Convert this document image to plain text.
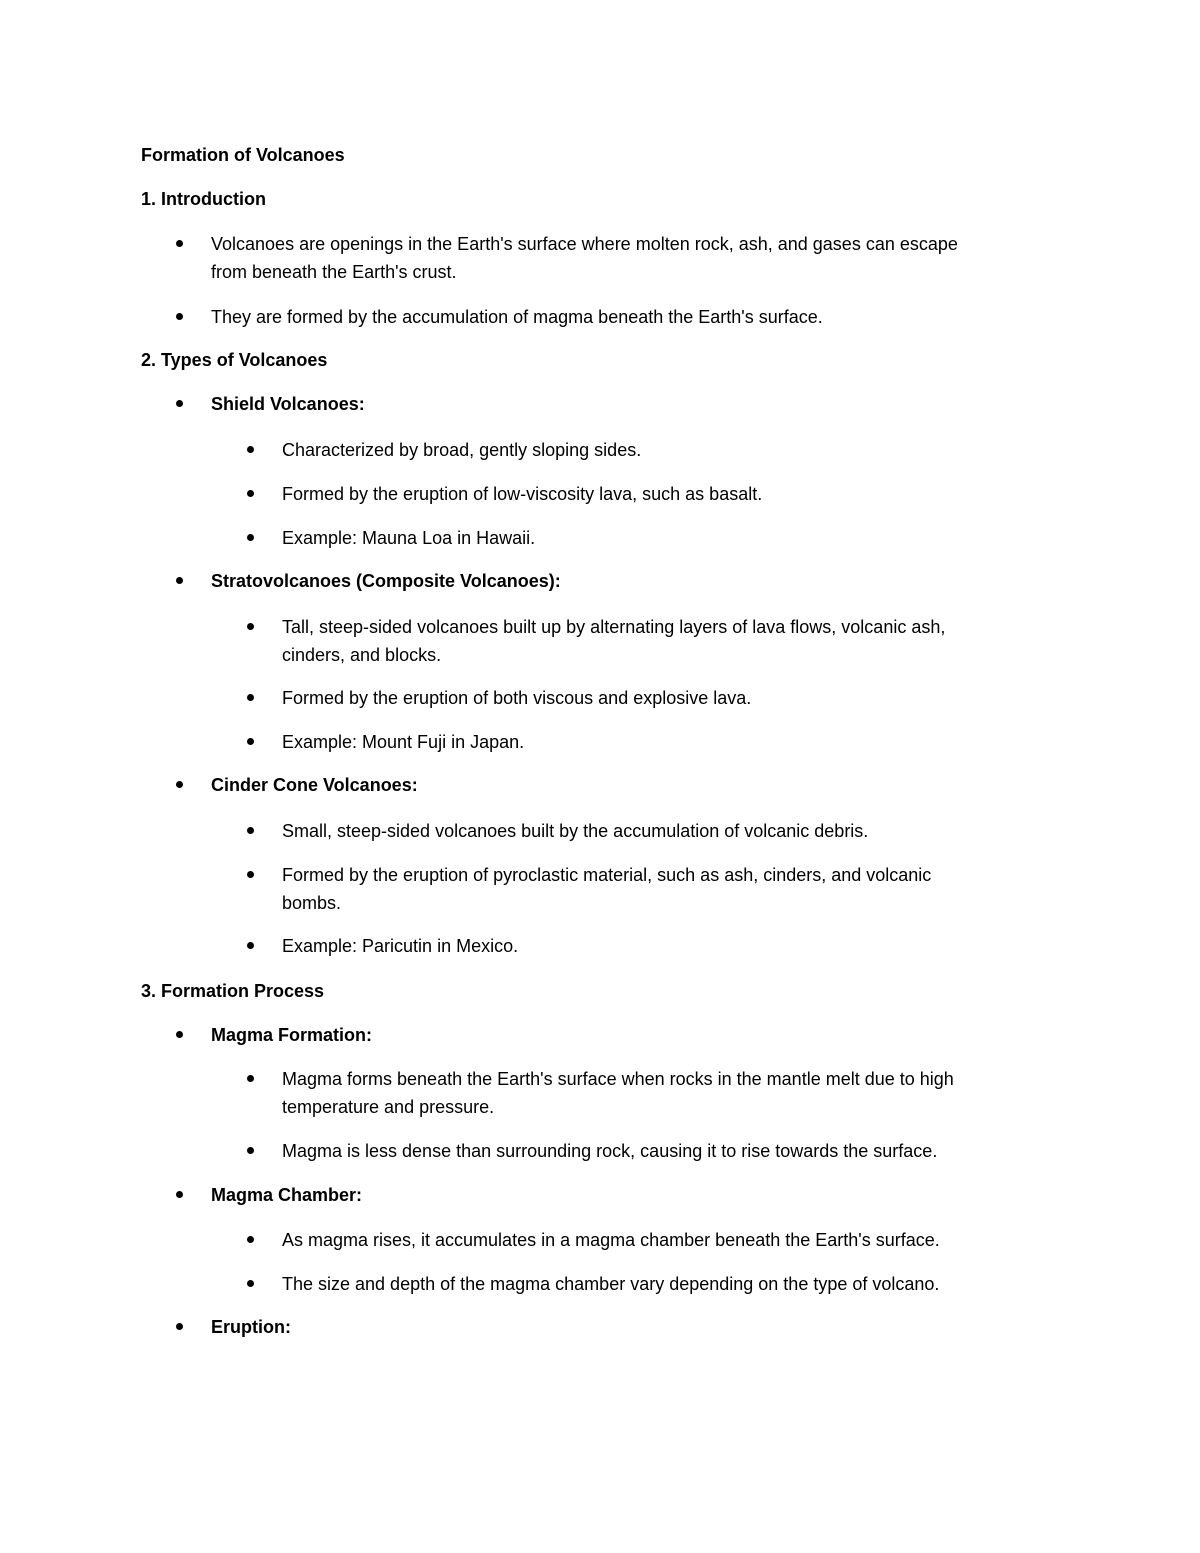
Formation of Volcanoes
1. Introduction
Volcanoes are openings in the Earth's surface where molten rock, ash, and gases can escape
from beneath the Earth's crust.
They are formed by the accumulation of magma beneath the Earth's surface.
2. Types of Volcanoes
Shield Volcanoes:
Characterized by broad, gently sloping sides.
Formed by the eruption of low-viscosity lava, such as basalt.
Example: Mauna Loa in Hawaii.
Stratovolcanoes (Composite Volcanoes):
Tall, steep-sided volcanoes built up by alternating layers of lava flows, volcanic ash,
cinders, and blocks.
Formed by the eruption of both viscous and explosive lava.
Example: Mount Fuji in Japan.
Cinder Cone Volcanoes:
Small, steep-sided volcanoes built by the accumulation of volcanic debris.
Formed by the eruption of pyroclastic material, such as ash, cinders, and volcanic
bombs.
Example: Paricutin in Mexico.
3. Formation Process
Magma Formation:
Magma forms beneath the Earth's surface when rocks in the mantle melt due to high
temperature and pressure.
Magma is less dense than surrounding rock, causing it to rise towards the surface.
Magma Chamber:
As magma rises, it accumulates in a magma chamber beneath the Earth's surface.
The size and depth of the magma chamber vary depending on the type of volcano.
Eruption:
